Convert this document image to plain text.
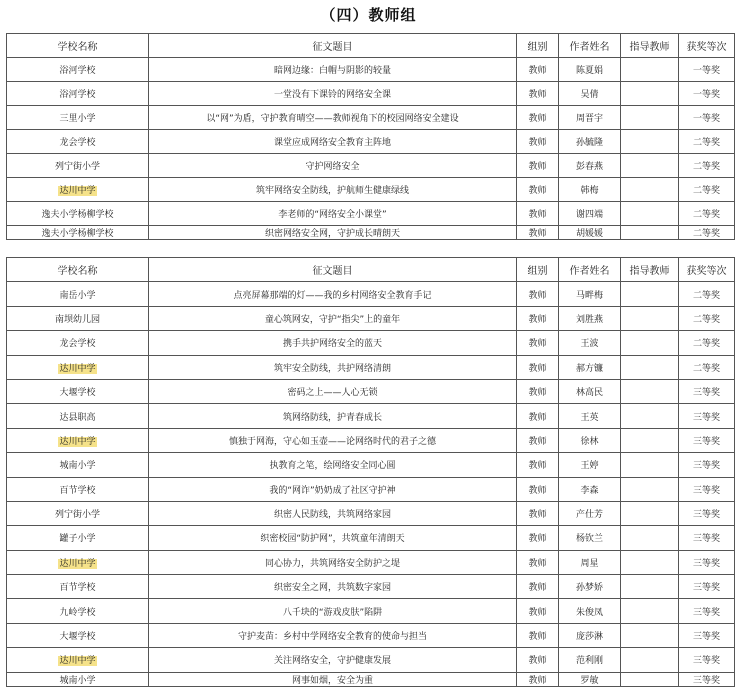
（四）教师组
学校名称	征文题目	组别	作者姓名	指导教师	获奖等次
浴河学校	暗网边缘：白帽与阴影的较量	教师	陈夏娟		一等奖
浴河学校	一堂没有下课铃的网络安全课	教师	吴倩		一等奖
三里小学	以“网”为盾，守护教育晴空——教师视角下的校园网络安全建设	教师	周晋宇		一等奖
龙会学校	课堂应成网络安全教育主阵地	教师	孙毓隆		二等奖
列宁街小学	守护网络安全	教师	彭春燕		二等奖
达川中学	筑牢网络安全防线，护航师生健康绿线	教师	韩梅		二等奖
逸夫小学杨柳学校	李老师的“网络安全小课堂”	教师	谢四端		二等奖
逸夫小学杨柳学校	织密网络安全网，守护成长晴朗天	教师	胡媛媛		二等奖
学校名称	征文题目	组别	作者姓名	指导教师	获奖等次
南岳小学	点亮屏幕那端的灯——我的乡村网络安全教育手记	教师	马畔梅		二等奖
南坝幼儿园	童心筑网安，守护“指尖”上的童年	教师	刘胜燕		二等奖
龙会学校	携手共护网络安全的蓝天	教师	王波		二等奖
达川中学	筑牢安全防线，共护网络清朗	教师	郝方镰		二等奖
大堰学校	密码之上——人心无锁	教师	林高民		三等奖
达县职高	筑网络防线，护青春成长	教师	王英		三等奖
达川中学	慎独于网海，守心如玉壶——论网络时代的君子之德	教师	徐林		三等奖
城南小学	执教育之笔，绘网络安全同心圆	教师	王婷		三等奖
百节学校	我的“网诈”奶奶成了社区守护神	教师	李森		三等奖
列宁街小学	织密人民防线，共筑网络家园	教师	产仕芳		三等奖
罐子小学	织密校园“防护网”，共筑童年清朗天	教师	杨钦兰		三等奖
达川中学	同心协力，共筑网络安全防护之堤	教师	周星		三等奖
百节学校	织密安全之网，共筑数字家园	教师	孙梦娇		三等奖
九岭学校	八千块的“游戏皮肤”陷阱	教师	朱俊凤		三等奖
大堰学校	守护麦苗：乡村中学网络安全教育的使命与担当	教师	庞莎淋		三等奖
达川中学	关注网络安全，守护健康发展	教师	范利刚		三等奖
城南小学	网事如烟，安全为重	教师	罗敏		三等奖
